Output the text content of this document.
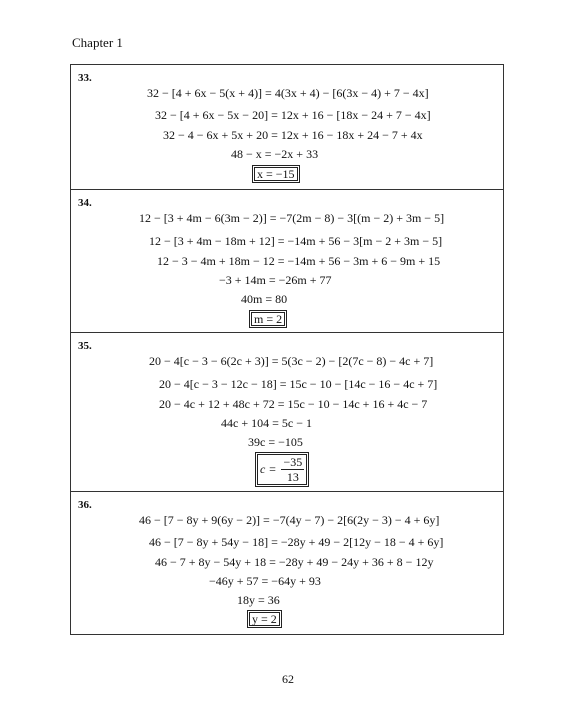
Chapter 1
33.
32 − [4 + 6x − 5(x + 4)] = 4(3x + 4) − [6(3x − 4) + 7 − 4x]
32 − [4 + 6x − 5x − 20] = 12x + 16 − [18x − 24 + 7 − 4x]
32 − 4 − 6x + 5x + 20 = 12x + 16 − 18x + 24 − 7 + 4x
48 − x = −2x + 33
x = −15
34.
12 − [3 + 4m − 6(3m − 2)] = −7(2m − 8) − 3[(m − 2) + 3m − 5]
12 − [3 + 4m − 18m + 12] = −14m + 56 − 3[m − 2 + 3m − 5]
12 − 3 − 4m + 18m − 12 = −14m + 56 − 3m + 6 − 9m + 15
−3 + 14m = −26m + 77
40m = 80
m = 2
35.
20 − 4[c − 3 − 6(2c + 3)] = 5(3c − 2) − [2(7c − 8) − 4c + 7]
20 − 4[c − 3 − 12c − 18] = 15c − 10 − [14c − 16 − 4c + 7]
20 − 4c + 12 + 48c + 72 = 15c − 10 − 14c + 16 + 4c − 7
44c + 104 = 5c − 1
39c = −105
$c = \frac{-35}{13}$
36.
46 − [7 − 8y + 9(6y − 2)] = −7(4y − 7) − 2[6(2y − 3) − 4 + 6y]
46 − [7 − 8y + 54y − 18] = −28y + 49 − 2[12y − 18 − 4 + 6y]
46 − 7 + 8y − 54y + 18 = −28y + 49 − 24y + 36 + 8 − 12y
−46y + 57 = −64y + 93
18y = 36
y = 2
62
